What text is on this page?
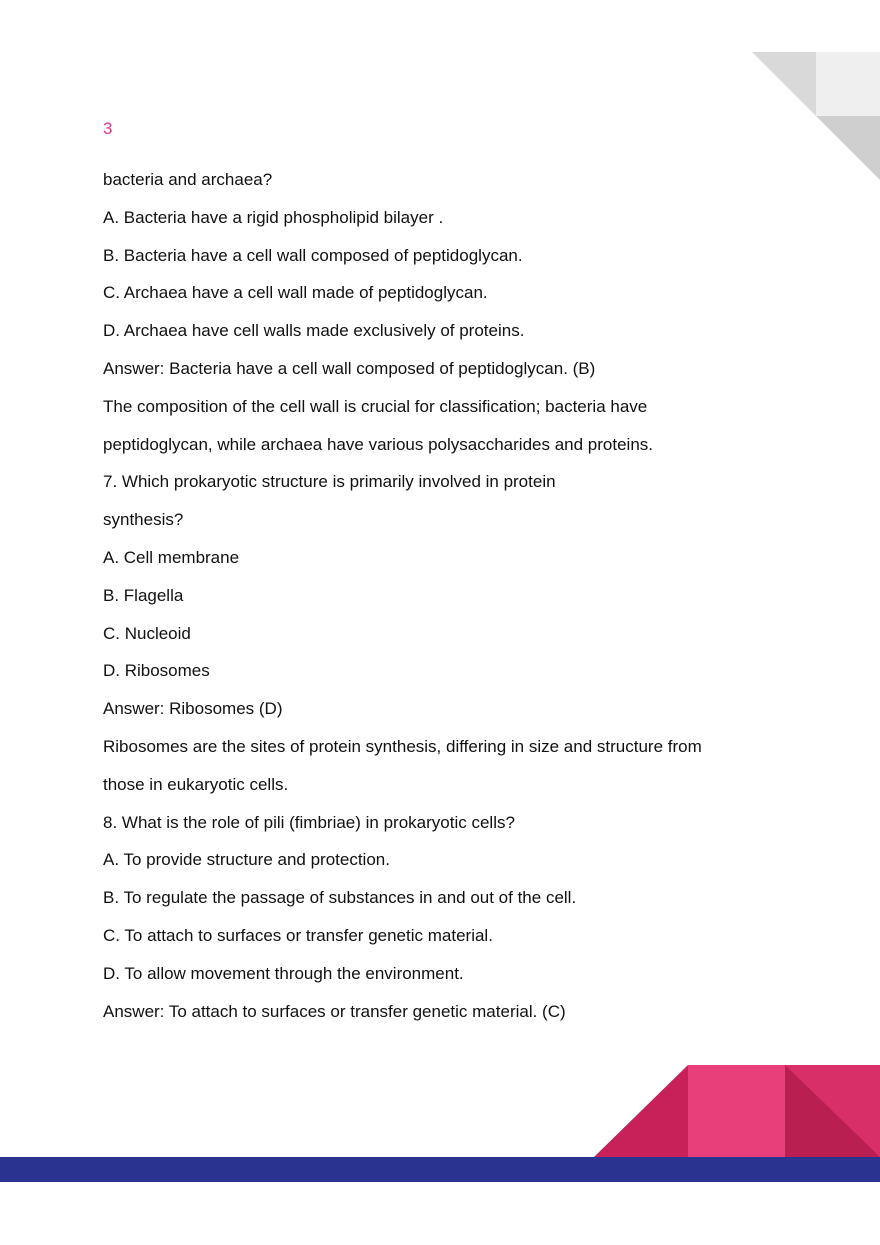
3
bacteria and archaea?
A. Bacteria have a rigid phospholipid bilayer .
B. Bacteria have a cell wall composed of peptidoglycan.
C. Archaea have a cell wall made of peptidoglycan.
D. Archaea have cell walls made exclusively of proteins.
Answer: Bacteria have a cell wall composed of peptidoglycan. (B)
The composition of the cell wall is crucial for classification; bacteria have
peptidoglycan, while archaea have various polysaccharides and proteins.
7. Which prokaryotic structure is primarily involved in protein
synthesis?
A. Cell membrane
B. Flagella
C. Nucleoid
D. Ribosomes
Answer: Ribosomes (D)
Ribosomes are the sites of protein synthesis, differing in size and structure from
those in eukaryotic cells.
8. What is the role of pili (fimbriae) in prokaryotic cells?
A. To provide structure and protection.
B. To regulate the passage of substances in and out of the cell.
C. To attach to surfaces or transfer genetic material.
D. To allow movement through the environment.
Answer: To attach to surfaces or transfer genetic material. (C)
